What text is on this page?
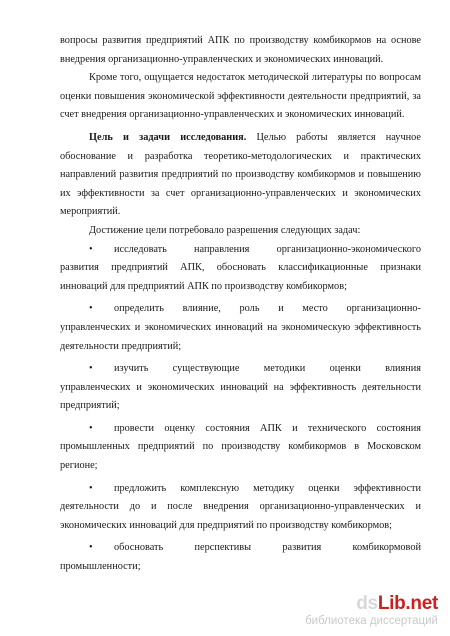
вопросы развития предприятий АПК по производству комбикормов на основе внедрения организационно-управленческих и экономических инноваций.

Кроме того, ощущается недостаток методической литературы по вопросам оценки повышения экономической эффективности деятельности предприятий, за счет внедрения организационно-управленческих и экономических инноваций.

Цель и задачи исследования. Целью работы является научное обоснование и разработка теоретико-методологических и практических направлений развития предприятий по производству комбикормов и повышению их эффективности за счет организационно-управленческих и экономических мероприятий.

Достижение цели потребовало разрешения следующих задач:

•	исследовать направления организационно-экономического

развития предприятий АПК, обосновать классификационные признаки инноваций для предприятий АПК по производству комбикормов;

•	определить влияние, роль и место организационно-

управленческих и экономических инноваций на экономическую эффективность деятельности предприятий;

•	изучить существующие методики оценки влияния

управленческих и экономических инноваций на эффективность деятельности предприятий;

•	провести оценку состояния АПК и технического состояния

промышленных предприятий по производству комбикормов в Московском регионе;

•	предложить комплексную методику оценки эффективности

деятельности до и после внедрения организационно-управленческих и экономических инноваций для предприятий по производству комбикормов;

•	обосновать перспективы развития комбикормовой

промышленности;

dsLib.net
библиотека диссертаций
